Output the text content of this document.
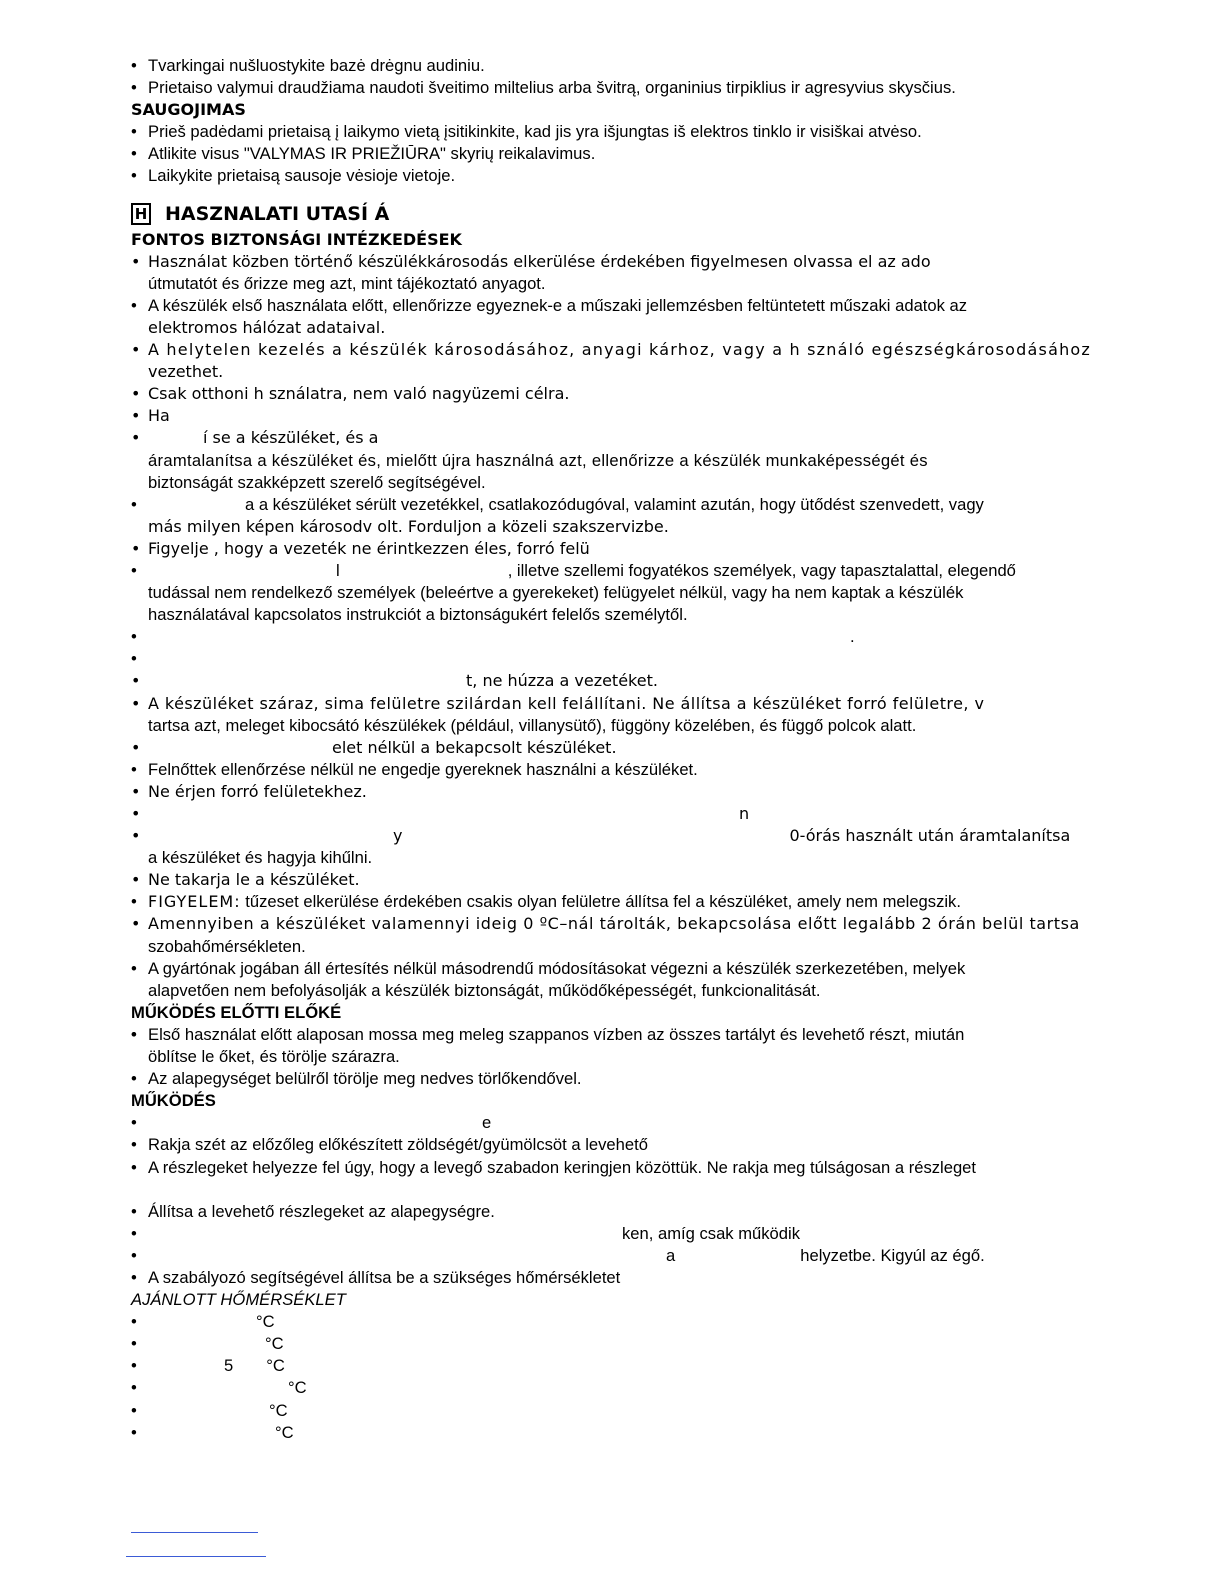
• Tvarkingai nušluostykite bazė drėgnu audiniu.
• Prietaiso valymui draudžiama naudoti šveitimo miltelius arba švitrą, organinius tirpiklius ir agresyvius skysčius.
SAUGOJIMAS
• Prieš padėdami prietaisą į laikymo vietą įsitikinkite, kad jis yra išjungtas iš elektros tinklo ir visiškai atvėso.
• Atlikite visus "VALYMAS IR PRIEŽIŪRA" skyrių reikalavimus.
• Laikykite prietaisą sausoje vėsioje vietoje.
H HASZNALATI UTASÍ Á
FONTOS BIZTONSÁGI INTÉZKEDÉSEK
• Használat közben történő készülékkárosodás elkerülése érdekében figyelmesen olvassa el az ado
útmutatót és őrizze meg azt, mint tájékoztató anyagot.
• A készülék első használata előtt, ellenőrizze egyeznek-e a műszaki jellemzésben feltüntetett műszaki adatok az
elektromos hálózat adataival.
• A helytelen kezelés a készülék károsodásához, anyagi kárhoz, vagy a h sználó egészségkárosodásához
vezethet.
• Csak otthoni h sználatra, nem való nagyüzemi célra.
• Ha
• í se a készüléket, és a
áramtalanítsa a készüléket és, mielőtt újra használná azt, ellenőrizze a készülék munkaképességét és
biztonságát szakképzett szerelő segítségével.
• a a készüléket sérült vezetékkel, csatlakozódugóval, valamint azután, hogy ütődést szenvedett, vagy
más milyen képen károsodv olt. Forduljon a közeli szakszervizbe.
• Figyelje , hogy a vezeték ne érintkezzen éles, forró felü
• l	, illetve szellemi fogyatékos személyek, vagy tapasztalattal, elegendő
tudással nem rendelkező személyek (beleértve a gyerekeket) felügyelet nélkül, vagy ha nem kaptak a készülék
használatával kapcsolatos instrukciót a biztonságukért felelős személytől.
• .
• t, ne húzza a vezetéket.
• A készüléket száraz, sima felületre szilárdan kell felállítani. Ne állítsa a készüléket forró felületre, v
tartsa azt, meleget kibocsátó készülékek (például, villanysütő), függöny közelében, és függő polcok alatt.
• elet nélkül a bekapcsolt készüléket.
• Felnőttek ellenőrzése nélkül ne engedje gyereknek használni a készüléket.
• Ne érjen forró felületekhez.
• n
• y	0-órás használt után áramtalanítsa
a készüléket és hagyja kihűlni.
• Ne takarja le a készüléket.
• FIGYELEM: tűzeset elkerülése érdekében csakis olyan felületre állítsa fel a készüléket, amely nem melegszik.
• Amennyiben a készüléket valamennyi ideig 0 ºC–nál tárolták, bekapcsolása előtt legalább 2 órán belül tartsa
szobahőmérsékleten.
• A gyártónak jogában áll értesítés nélkül másodrendű módosításokat végezni a készülék szerkezetében, melyek
alapvetően nem befolyásolják a készülék biztonságát, működőképességét, funkcionalitását.
MŰKÖDÉS ELŐTTI ELŐKÉ
• Első használat előtt alaposan mossa meg meleg szappanos vízben az összes tartályt és levehető részt, miután
öblítse le őket, és törölje szárazra.
• Az alapegységet belülről törölje meg nedves törlőkendővel.
MŰKÖDÉS
• e
• Rakja szét az előzőleg előkészített zöldségét/gyümölcsöt a levehető
• A részlegeket helyezze fel úgy, hogy a levegő szabadon keringjen közöttük. Ne rakja meg túlságosan a részleget
• Állítsa a levehető részlegeket az alapegységre.
• ken, amíg csak működik
• a	helyzetbe. Kigyúl az égő.
• A szabályozó segítségével állítsa be a szükséges hőmérsékletet
AJÁNLOTT HŐMÉRSÉKLET
• °C
• °C
• 5 °C
• °C
• °C
• °C
